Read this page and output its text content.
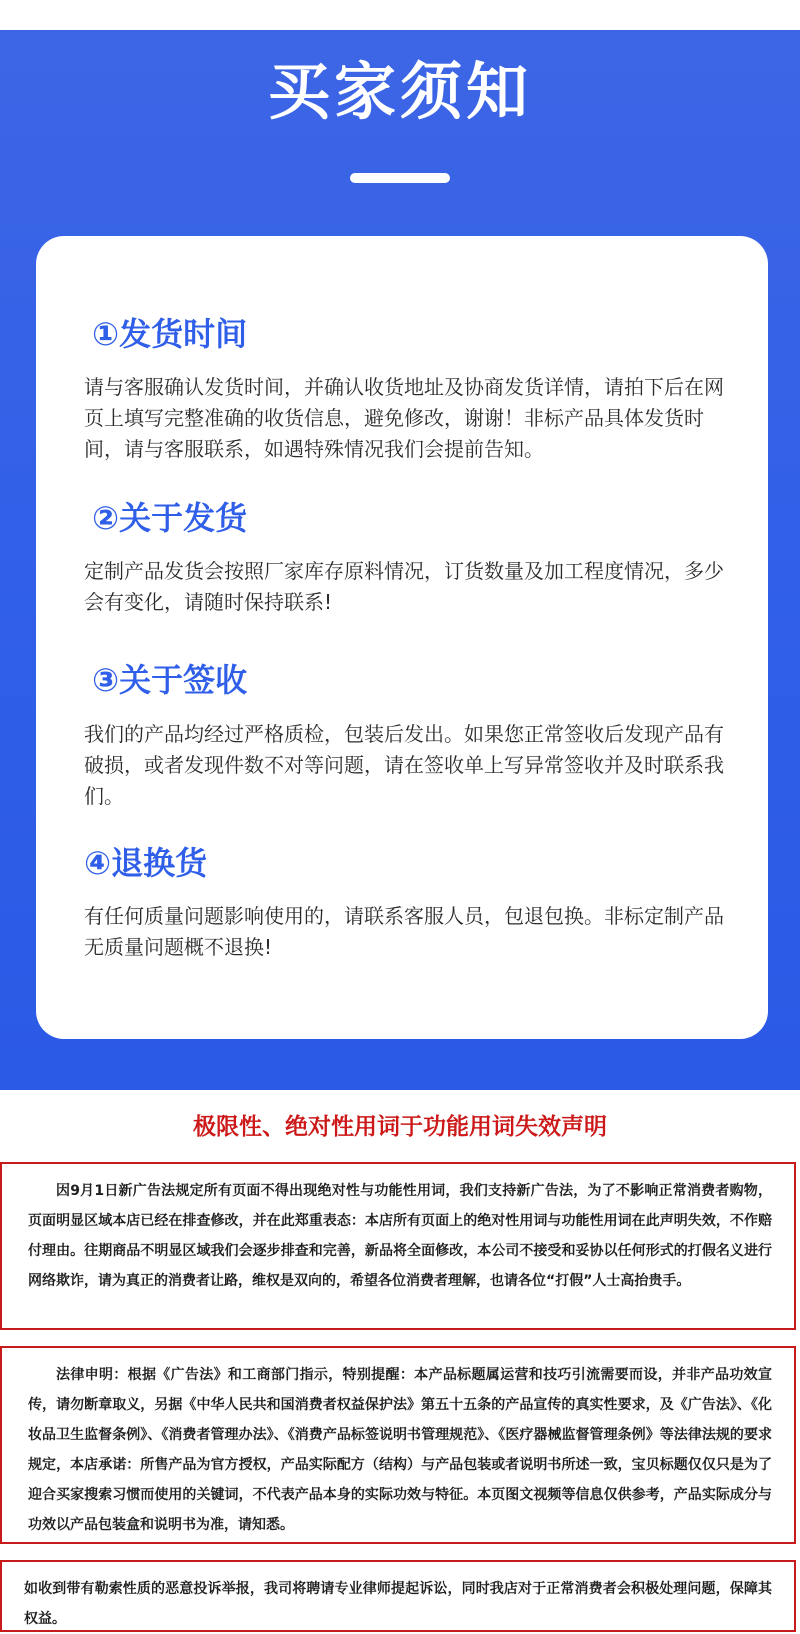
买家须知
①发货时间
请与客服确认发货时间，并确认收货地址及协商发货详情，请拍下后在网页上填写完整准确的收货信息，避免修改，谢谢！非标产品具体发货时间，请与客服联系，如遇特殊情况我们会提前告知。
②关于发货
定制产品发货会按照厂家库存原料情况，订货数量及加工程度情况，多少会有变化，请随时保持联系!
③关于签收
我们的产品均经过严格质检，包装后发出。如果您正常签收后发现产品有破损，或者发现件数不对等问题，请在签收单上写异常签收并及时联系我们。
④退换货
有任何质量问题影响使用的，请联系客服人员，包退包换。非标定制产品无质量问题概不退换!
极限性、绝对性用词于功能用词失效声明
因9月1日新广告法规定所有页面不得出现绝对性与功能性用词，我们支持新广告法，为了不影响正常消费者购物，页面明显区域本店已经在排查修改，并在此郑重表态：本店所有页面上的绝对性用词与功能性用词在此声明失效，不作赔付理由。往期商品不明显区域我们会逐步排查和完善，新品将全面修改，本公司不接受和妥协以任何形式的打假名义进行网络欺诈，请为真正的消费者让路，维权是双向的，希望各位消费者理解，也请各位“打假”人士高抬贵手。
法律申明：根据《广告法》和工商部门指示，特别提醒：本产品标题属运营和技巧引流需要而设，并非产品功效宣传，请勿断章取义，另据《中华人民共和国消费者权益保护法》第五十五条的产品宣传的真实性要求，及《广告法》、《化妆品卫生监督条例》、《消费者管理办法》、《消费产品标签说明书管理规范》、《医疗器械监督管理条例》等法律法规的要求规定，本店承诺：所售产品为官方授权，产品实际配方（结构）与产品包装或者说明书所述一致，宝贝标题仅仅只是为了迎合买家搜索习惯而使用的关键词，不代表产品本身的实际功效与特征。本页图文视频等信息仅供参考，产品实际成分与功效以产品包装盒和说明书为准，请知悉。
如收到带有勒索性质的恶意投诉举报，我司将聘请专业律师提起诉讼，同时我店对于正常消费者会积极处理问题，保障其权益。
